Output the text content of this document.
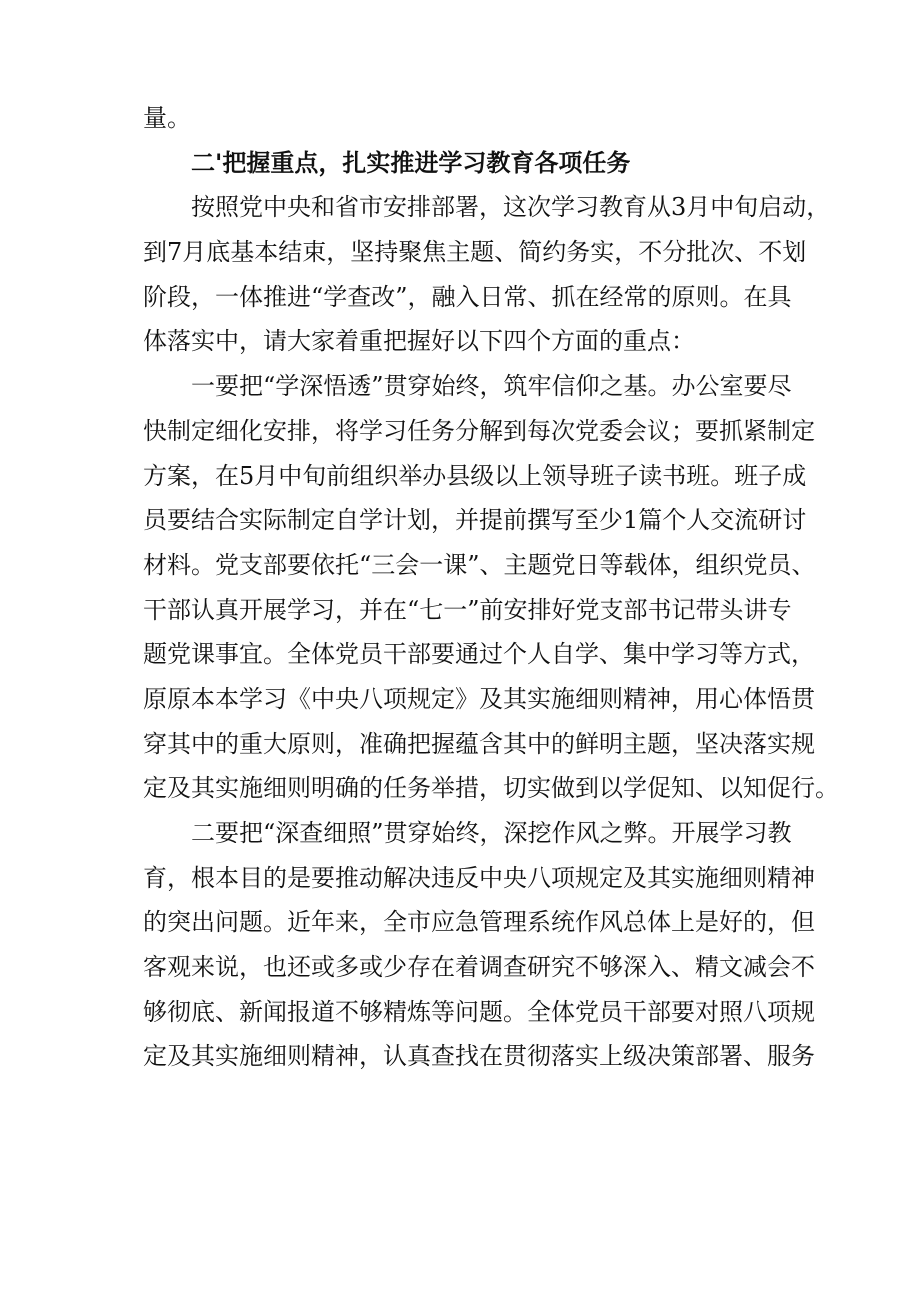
量。
二'把握重点，扎实推进学习教育各项任务
按照党中央和省市安排部署，这次学习教育从3月中旬启动，
到7月底基本结束，坚持聚焦主题、简约务实，不分批次、不划
阶段，一体推进“学查改”，融入日常、抓在经常的原则。在具
体落实中，请大家着重把握好以下四个方面的重点：
一要把“学深悟透”贯穿始终，筑牢信仰之基。办公室要尽
快制定细化安排，将学习任务分解到每次党委会议；要抓紧制定
方案，在5月中旬前组织举办县级以上领导班子读书班。班子成
员要结合实际制定自学计划，并提前撰写至少1篇个人交流研讨
材料。党支部要依托“三会一课”、主题党日等载体，组织党员、
干部认真开展学习，并在“七一”前安排好党支部书记带头讲专
题党课事宜。全体党员干部要通过个人自学、集中学习等方式，
原原本本学习《中央八项规定》及其实施细则精神，用心体悟贯
穿其中的重大原则，准确把握蕴含其中的鲜明主题，坚决落实规
定及其实施细则明确的任务举措，切实做到以学促知、以知促行。
二要把“深查细照”贯穿始终，深挖作风之弊。开展学习教
育，根本目的是要推动解决违反中央八项规定及其实施细则精神
的突出问题。近年来，全市应急管理系统作风总体上是好的，但
客观来说，也还或多或少存在着调查研究不够深入、精文减会不
够彻底、新闻报道不够精炼等问题。全体党员干部要对照八项规
定及其实施细则精神，认真查找在贯彻落实上级决策部署、服务
